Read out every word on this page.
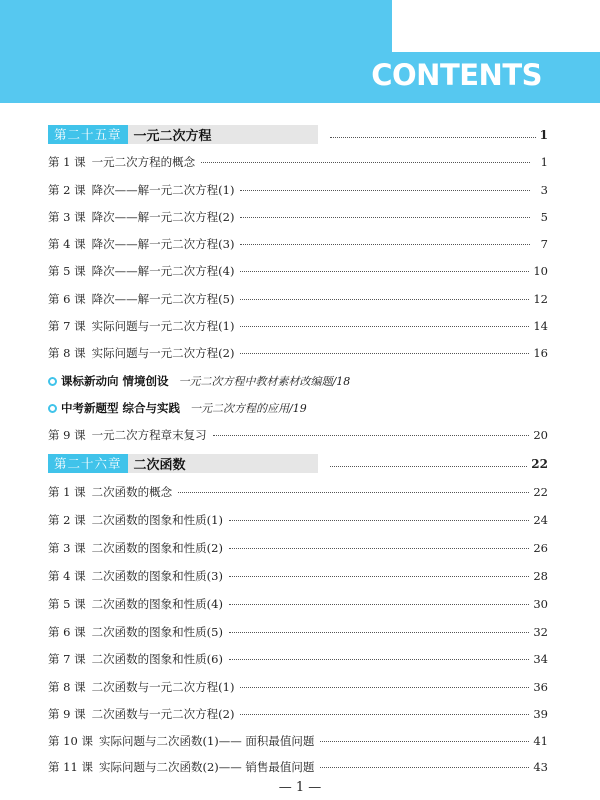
CONTENTS
第二十五章 一元二次方程	1
第 1 课 一元二次方程的概念	1
第 2 课 降次——解一元二次方程(1)	3
第 3 课 降次——解一元二次方程(2)	5
第 4 课 降次——解一元二次方程(3)	7
第 5 课 降次——解一元二次方程(4)	10
第 6 课 降次——解一元二次方程(5)	12
第 7 课 实际问题与一元二次方程(1)	14
第 8 课 实际问题与一元二次方程(2)	16
课标新动向 情境创设 一元二次方程中教材素材改编题/18
中考新题型 综合与实践 一元二次方程的应用/19
第 9 课 一元二次方程章末复习	20
第二十六章 二次函数	22
第 1 课 二次函数的概念	22
第 2 课 二次函数的图象和性质(1)	24
第 3 课 二次函数的图象和性质(2)	26
第 4 课 二次函数的图象和性质(3)	28
第 5 课 二次函数的图象和性质(4)	30
第 6 课 二次函数的图象和性质(5)	32
第 7 课 二次函数的图象和性质(6)	34
第 8 课 二次函数与一元二次方程(1)	36
第 9 课 二次函数与一元二次方程(2)	39
第 10 课 实际问题与二次函数(1)—— 面积最值问题	41
第 11 课 实际问题与二次函数(2)—— 销售最值问题	43
— 1 —
